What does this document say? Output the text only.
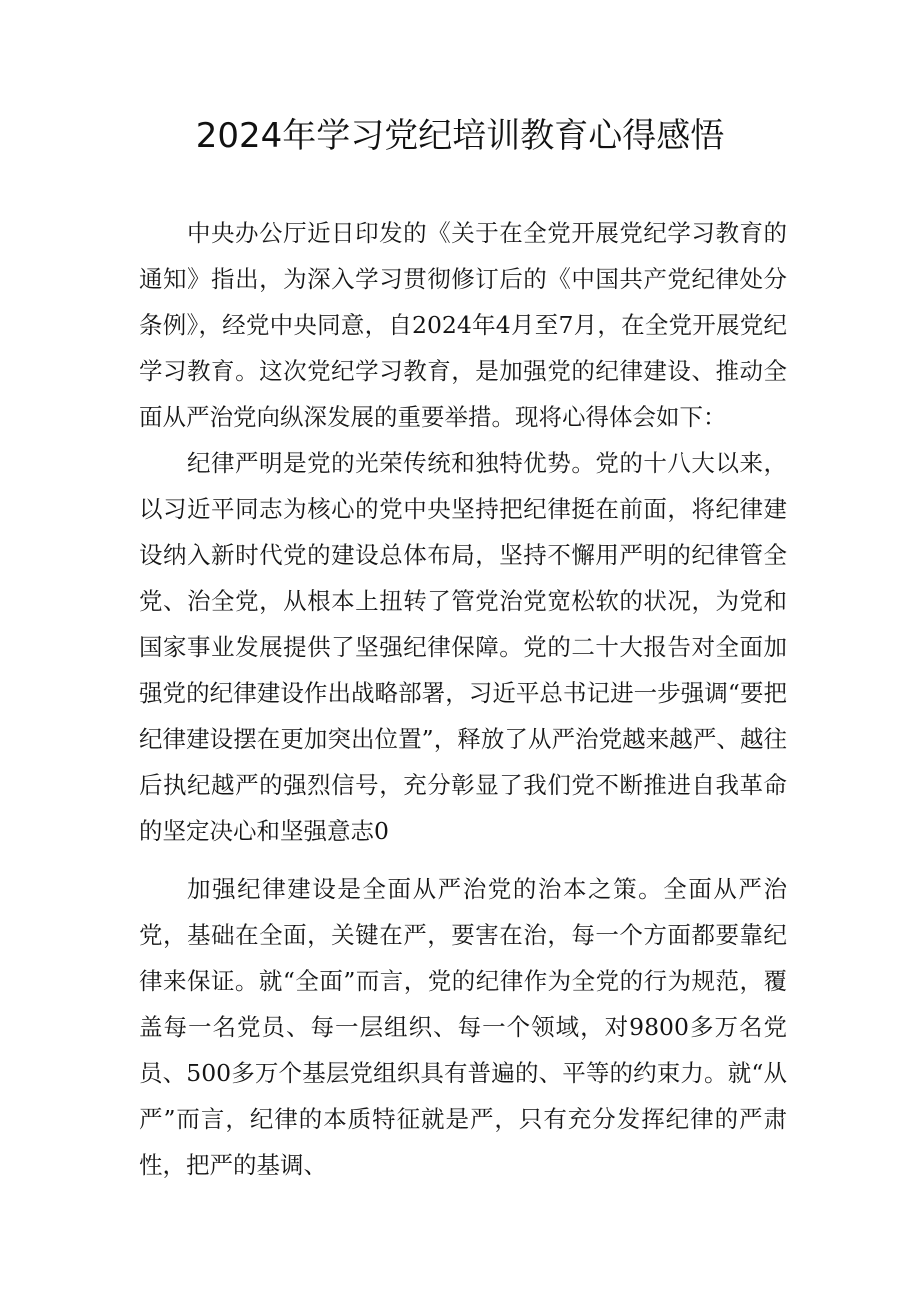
2024年学习党纪培训教育心得感悟

中央办公厅近日印发的《关于在全党开展党纪学习教育的通知》指出，为深入学习贯彻修订后的《中国共产党纪律处分条例》，经党中央同意，自2024年4月至7月，在全党开展党纪学习教育。这次党纪学习教育，是加强党的纪律建设、推动全面从严治党向纵深发展的重要举措。现将心得体会如下：

纪律严明是党的光荣传统和独特优势。党的十八大以来，以习近平同志为核心的党中央坚持把纪律挺在前面，将纪律建设纳入新时代党的建设总体布局，坚持不懈用严明的纪律管全党、治全党，从根本上扭转了管党治党宽松软的状况，为党和国家事业发展提供了坚强纪律保障。党的二十大报告对全面加强党的纪律建设作出战略部署，习近平总书记进一步强调“要把纪律建设摆在更加突出位置”，释放了从严治党越来越严、越往后执纪越严的强烈信号，充分彰显了我们党不断推进自我革命的坚定决心和坚强意志0

加强纪律建设是全面从严治党的治本之策。全面从严治党，基础在全面，关键在严，要害在治，每一个方面都要靠纪律来保证。就“全面”而言，党的纪律作为全党的行为规范，覆盖每一名党员、每一层组织、每一个领域，对9800多万名党员、500多万个基层党组织具有普遍的、平等的约束力。就“从严”而言，纪律的本质特征就是严，只有充分发挥纪律的严肃性，把严的基调、
